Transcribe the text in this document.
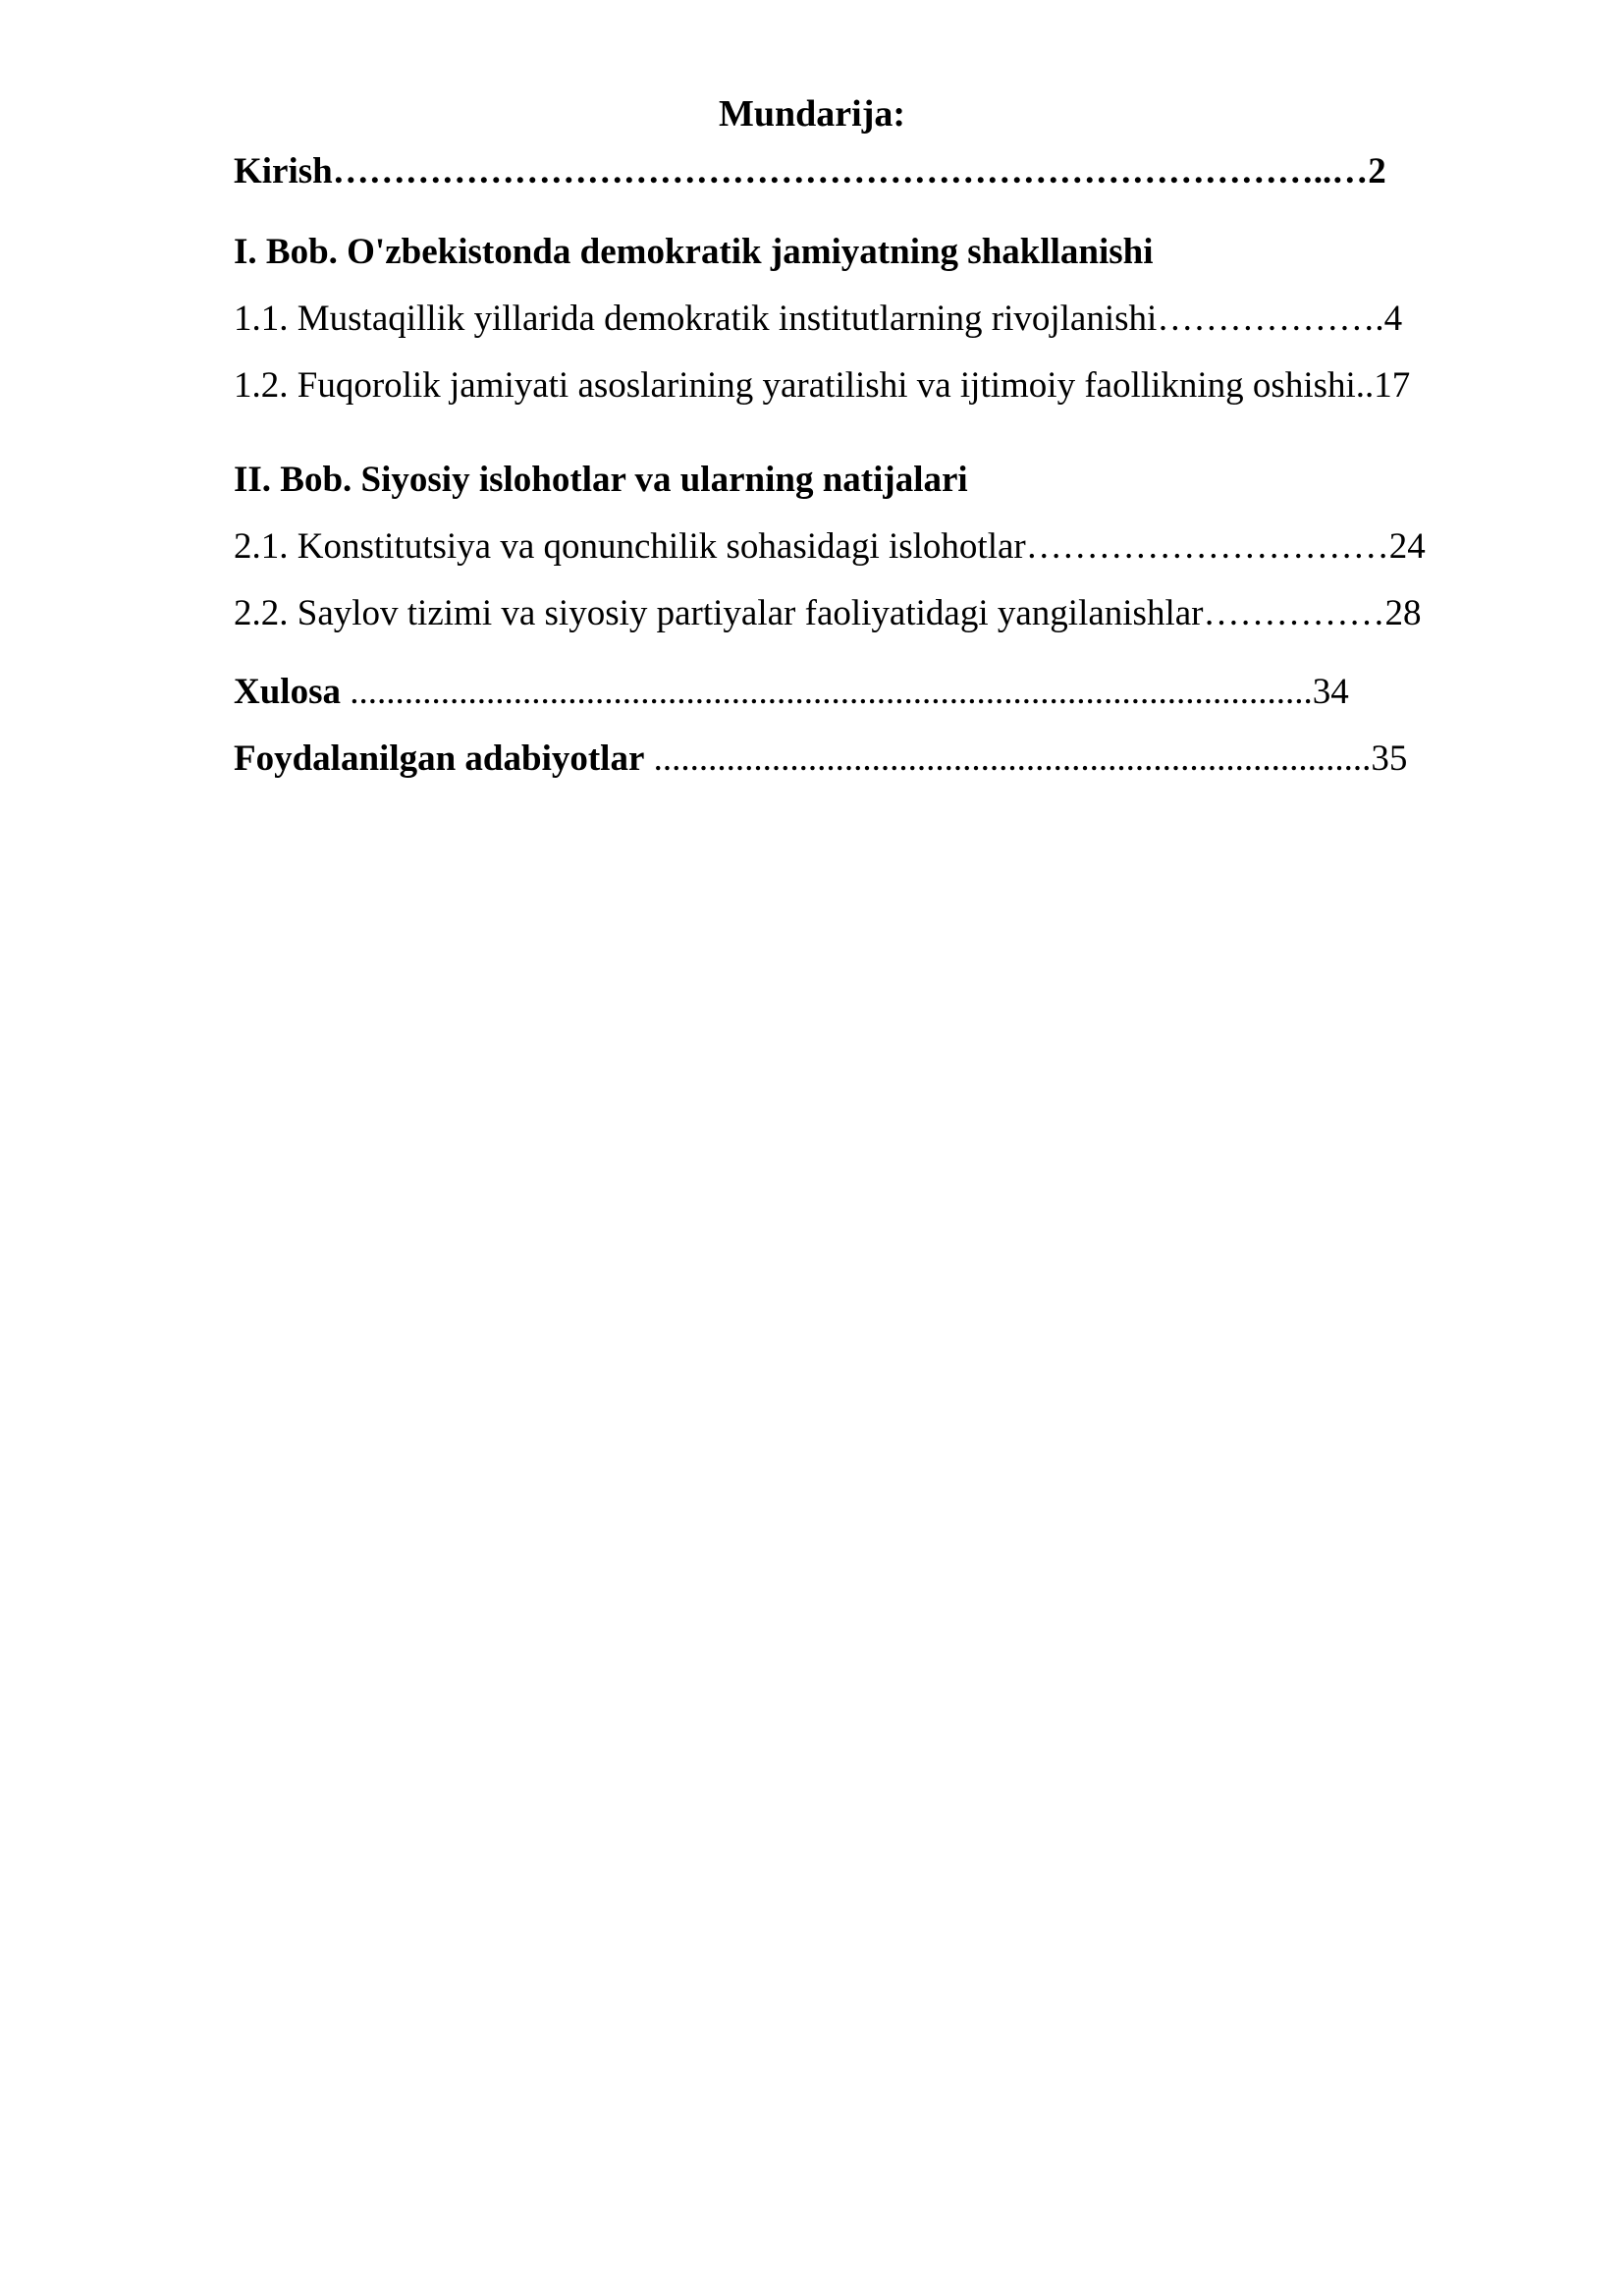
Mundarija:
Kirish………………………………………………………………………..…2
I. Bob. O'zbekistonda demokratik jamiyatning shakllanishi
1.1. Mustaqillik yillarida demokratik institutlarning rivojlanishi……………….4
1.2. Fuqorolik jamiyati asoslarining yaratilishi va ijtimoiy faollikning oshishi..17
II. Bob. Siyosiy islohotlar va ularning natijalari
2.1. Konstitutsiya va qonunchilik sohasidagi islohotlar…………………………24
2.2. Saylov tizimi va siyosiy partiyalar faoliyatidagi yangilanishlar……………28
Xulosa ..........................................................................................................34
Foydalanilgan adabiyotlar ...............................................................................35
